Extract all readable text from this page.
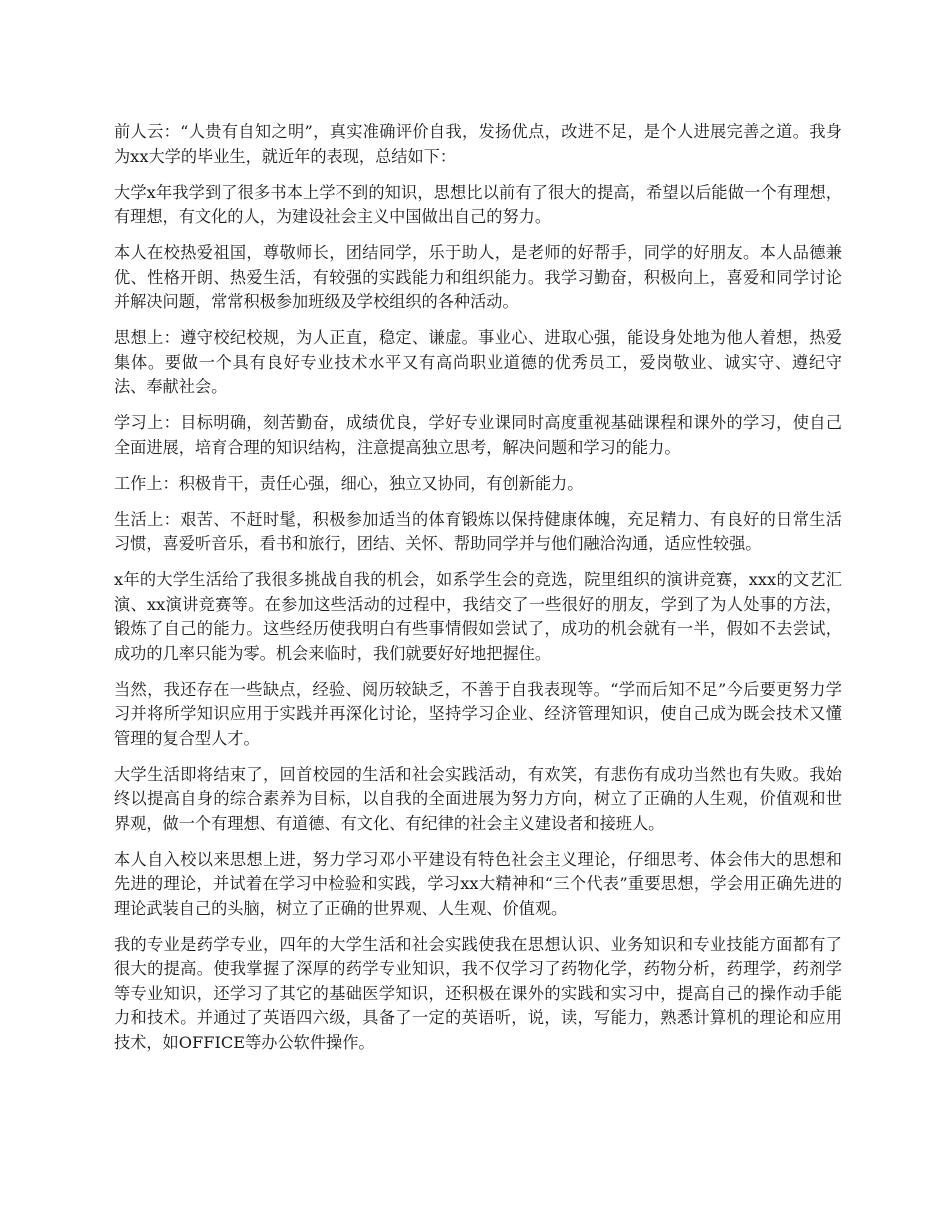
前人云：“人贵有自知之明”，真实准确评价自我，发扬优点，改进不足，是个人进展完善之道。我身为xx大学的毕业生，就近年的表现，总结如下：

大学x年我学到了很多书本上学不到的知识，思想比以前有了很大的提高，希望以后能做一个有理想，有理想，有文化的人，为建设社会主义中国做出自己的努力。

本人在校热爱祖国，尊敬师长，团结同学，乐于助人，是老师的好帮手，同学的好朋友。本人品德兼优、性格开朗、热爱生活，有较强的实践能力和组织能力。我学习勤奋，积极向上，喜爱和同学讨论并解决问题，常常积极参加班级及学校组织的各种活动。

思想上：遵守校纪校规，为人正直，稳定、谦虚。事业心、进取心强，能设身处地为他人着想，热爱集体。要做一个具有良好专业技术水平又有高尚职业道德的优秀员工，爱岗敬业、诚实守、遵纪守法、奉献社会。

学习上：目标明确，刻苦勤奋，成绩优良，学好专业课同时高度重视基础课程和课外的学习，使自己全面进展，培育合理的知识结构，注意提高独立思考，解决问题和学习的能力。

工作上：积极肯干，责任心强，细心，独立又协同，有创新能力。

生活上：艰苦、不赶时髦，积极参加适当的体育锻炼以保持健康体魄，充足精力、有良好的日常生活习惯，喜爱听音乐，看书和旅行，团结、关怀、帮助同学并与他们融洽沟通，适应性较强。

x年的大学生活给了我很多挑战自我的机会，如系学生会的竞选，院里组织的演讲竞赛，xxx的文艺汇演、xx演讲竞赛等。在参加这些活动的过程中，我结交了一些很好的朋友，学到了为人处事的方法，锻炼了自己的能力。这些经历使我明白有些事情假如尝试了，成功的机会就有一半，假如不去尝试，成功的几率只能为零。机会来临时，我们就要好好地把握住。

当然，我还存在一些缺点，经验、阅历较缺乏，不善于自我表现等。“学而后知不足”今后要更努力学习并将所学知识应用于实践并再深化讨论，坚持学习企业、经济管理知识，使自己成为既会技术又懂管理的复合型人才。

大学生活即将结束了，回首校园的生活和社会实践活动，有欢笑，有悲伤有成功当然也有失败。我始终以提高自身的综合素养为目标，以自我的全面进展为努力方向，树立了正确的人生观，价值观和世界观，做一个有理想、有道德、有文化、有纪律的社会主义建设者和接班人。

本人自入校以来思想上进，努力学习邓小平建设有特色社会主义理论，仔细思考、体会伟大的思想和先进的理论，并试着在学习中检验和实践，学习xx大精神和“三个代表”重要思想，学会用正确先进的理论武装自己的头脑，树立了正确的世界观、人生观、价值观。

我的专业是药学专业，四年的大学生活和社会实践使我在思想认识、业务知识和专业技能方面都有了很大的提高。使我掌握了深厚的药学专业知识，我不仅学习了药物化学，药物分析，药理学，药剂学等专业知识，还学习了其它的基础医学知识，还积极在课外的实践和实习中，提高自己的操作动手能力和技术。并通过了英语四六级，具备了一定的英语听，说，读，写能力，熟悉计算机的理论和应用技术，如OFFICE等办公软件操作。
